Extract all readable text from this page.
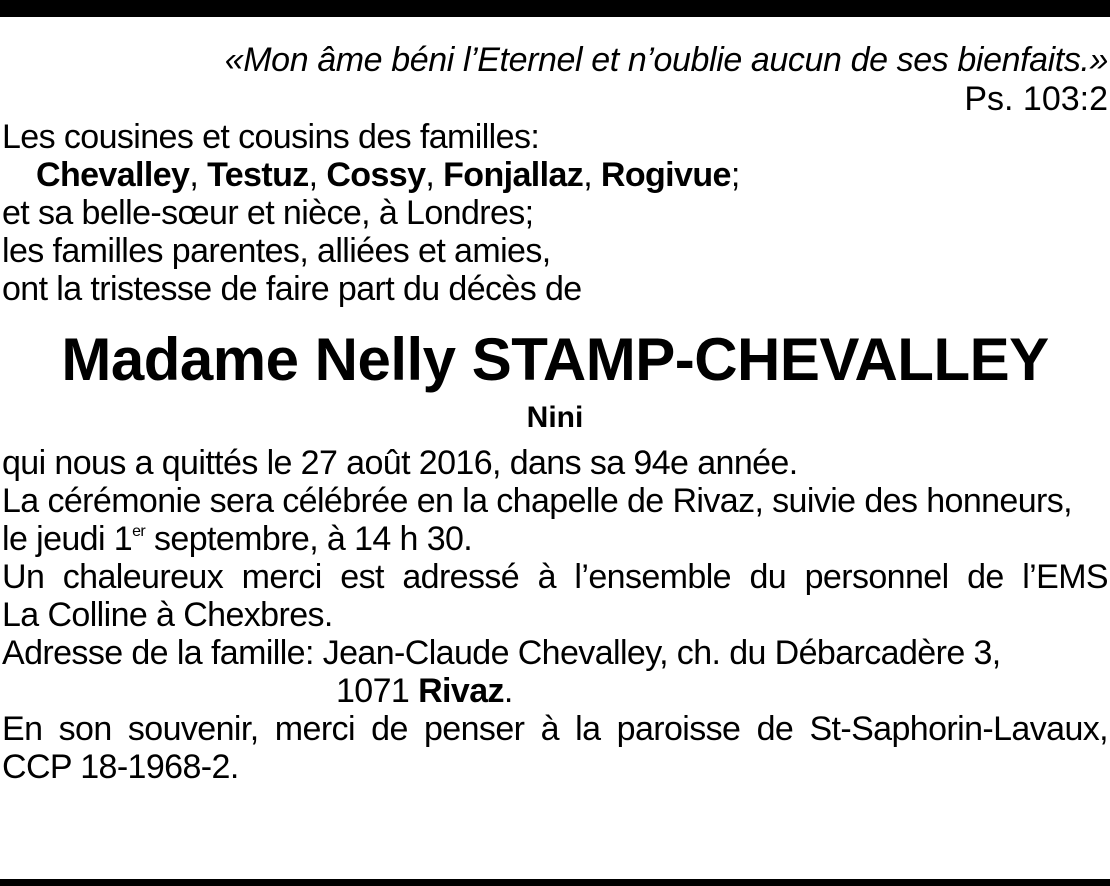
«Mon âme béni l’Eternel et n’oublie aucun de ses bienfaits.»
Ps. 103:2
Les cousines et cousins des familles:
Chevalley, Testuz, Cossy, Fonjallaz, Rogivue;
et sa belle-sœur et nièce, à Londres;
les familles parentes, alliées et amies,
ont la tristesse de faire part du décès de
Madame Nelly STAMP-CHEVALLEY
Nini
qui nous a quittés le 27 août 2016, dans sa 94e année.
La cérémonie sera célébrée en la chapelle de Rivaz, suivie des honneurs,
le jeudi 1er septembre, à 14 h 30.
Un chaleureux merci est adressé à l’ensemble du personnel de l’EMS
La Colline à Chexbres.
Adresse de la famille: Jean-Claude Chevalley, ch. du Débarcadère 3,
1071 Rivaz.
En son souvenir, merci de penser à la paroisse de St-Saphorin-Lavaux,
CCP 18-1968-2.
